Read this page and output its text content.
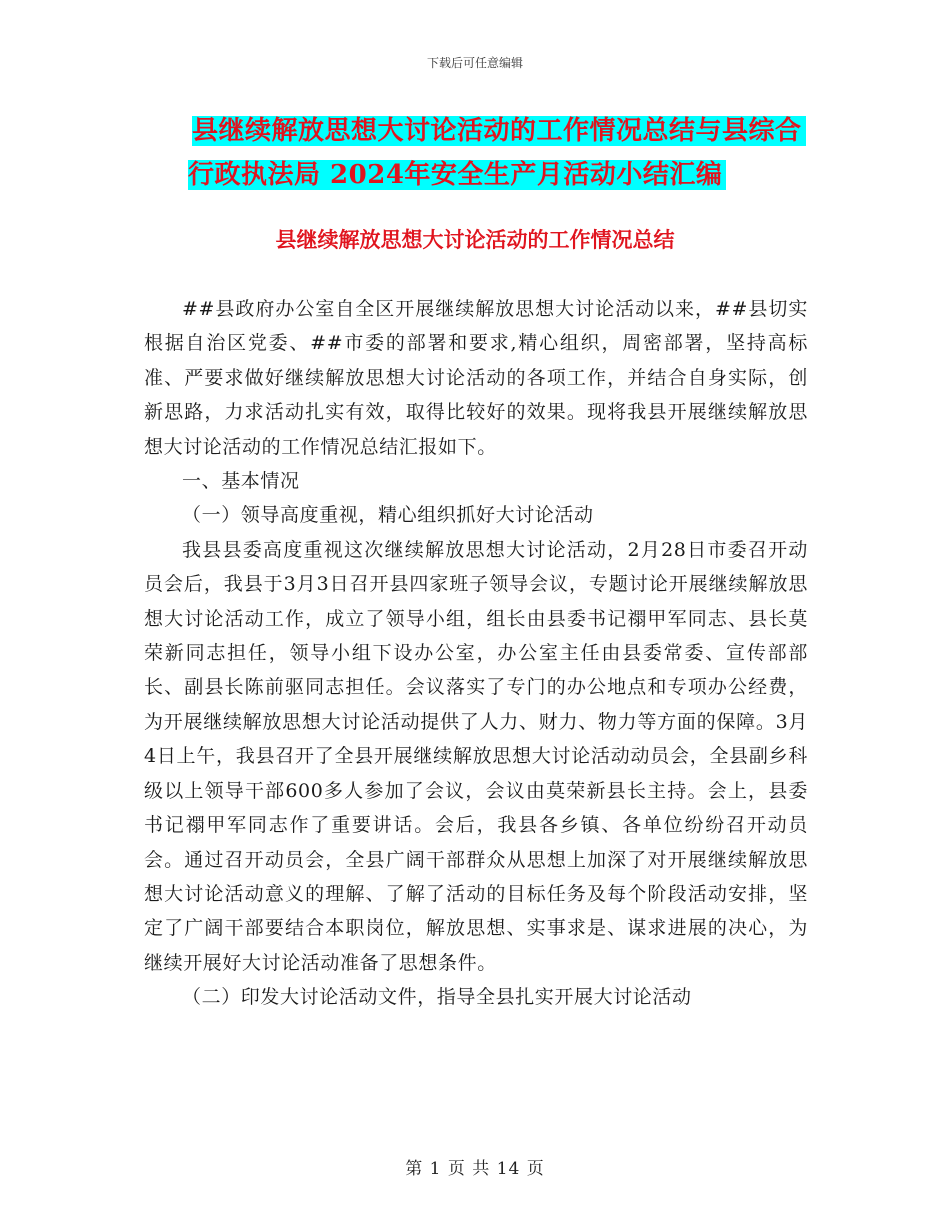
下载后可任意编辑
县继续解放思想大讨论活动的工作情况总结与县综合
行政执法局 2024年安全生产月活动小结汇编
县继续解放思想大讨论活动的工作情况总结

##县政府办公室自全区开展继续解放思想大讨论活动以来，##县切实根据自治区党委、##市委的部署和要求,精心组织，周密部署，坚持高标准、严要求做好继续解放思想大讨论活动的各项工作，并结合自身实际，创新思路，力求活动扎实有效，取得比较好的效果。现将我县开展继续解放思想大讨论活动的工作情况总结汇报如下。

一、基本情况

（一）领导高度重视，精心组织抓好大讨论活动

我县县委高度重视这次继续解放思想大讨论活动，2月28日市委召开动员会后，我县于3月3日召开县四家班子领导会议，专题讨论开展继续解放思想大讨论活动工作，成立了领导小组，组长由县委书记禤甲军同志、县长莫荣新同志担任，领导小组下设办公室，办公室主任由县委常委、宣传部部长、副县长陈前驱同志担任。会议落实了专门的办公地点和专项办公经费，为开展继续解放思想大讨论活动提供了人力、财力、物力等方面的保障。3月4日上午，我县召开了全县开展继续解放思想大讨论活动动员会，全县副乡科级以上领导干部600多人参加了会议，会议由莫荣新县长主持。会上，县委书记禤甲军同志作了重要讲话。会后，我县各乡镇、各单位纷纷召开动员会。通过召开动员会，全县广阔干部群众从思想上加深了对开展继续解放思想大讨论活动意义的理解、了解了活动的目标任务及每个阶段活动安排，坚定了广阔干部要结合本职岗位，解放思想、实事求是、谋求进展的决心，为继续开展好大讨论活动准备了思想条件。

（二）印发大讨论活动文件，指导全县扎实开展大讨论活动

第 1 页 共 14 页
